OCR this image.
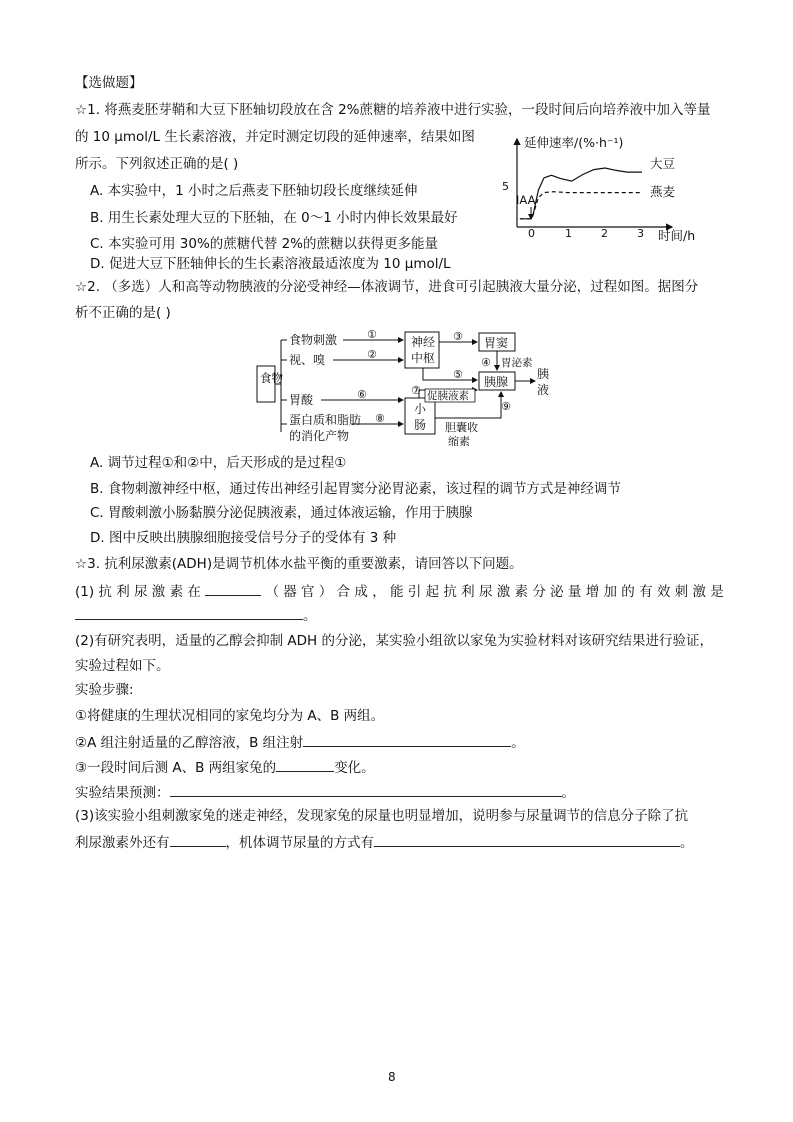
【选做题】
☆1. 将燕麦胚芽鞘和大豆下胚轴切段放在含 2%蔗糖的培养液中进行实验，一段时间后向培养液中加入等量
的 10 μmol/L 生长素溶液，并定时测定切段的延伸速率，结果如图
所示。下列叙述正确的是( )
A. 本实验中，1 小时之后燕麦下胚轴切段长度继续延伸
B. 用生长素处理大豆的下胚轴，在 0～1 小时内伸长效果最好
C. 本实验可用 30%的蔗糖代替 2%的蔗糖以获得更多能量
D. 促进大豆下胚轴伸长的生长素溶液最适浓度为 10 μmol/L
延伸速率/(%·h⁻¹)
时间/h
5
0	1	2	3
IAA
大豆
燕麦
☆2. （多选）人和高等动物胰液的分泌受神经—体液调节，进食可引起胰液大量分泌，过程如图。据图分
析不正确的是( )
食物
食物刺激
视、嗅
胃酸
蛋白质和脂肪
的消化产物
①
②
神经
中枢
③ 胃窦
④ 胃泌素
⑤
胰腺
胰
液
⑥
⑧
小
肠
⑦ 促胰液素
⑨
胆囊收
缩素
A. 调节过程①和②中，后天形成的是过程①
B. 食物刺激神经中枢，通过传出神经引起胃窦分泌胃泌素，该过程的调节方式是神经调节
C. 胃酸刺激小肠黏膜分泌促胰液素，通过体液运输，作用于胰腺
D. 图中反映出胰腺细胞接受信号分子的受体有 3 种
☆3. 抗利尿激素(ADH)是调节机体水盐平衡的重要激素，请回答以下问题。
(1) 抗 利 尿 激 素 在	（ 器 官 ） 合 成 ， 能 引 起 抗 利 尿 激 素 分 泌 量 增 加 的 有 效 刺 激 是
。
(2)有研究表明，适量的乙醇会抑制 ADH 的分泌，某实验小组欲以家兔为实验材料对该研究结果进行验证，
实验过程如下。
实验步骤:
①将健康的生理状况相同的家兔均分为 A、B 两组。
②A 组注射适量的乙醇溶液，B 组注射	。
③一段时间后测 A、B 两组家兔的	变化。
实验结果预测：	。
(3)该实验小组刺激家兔的迷走神经，发现家兔的尿量也明显增加，说明参与尿量调节的信息分子除了抗
利尿激素外还有	，机体调节尿量的方式有	。
8
